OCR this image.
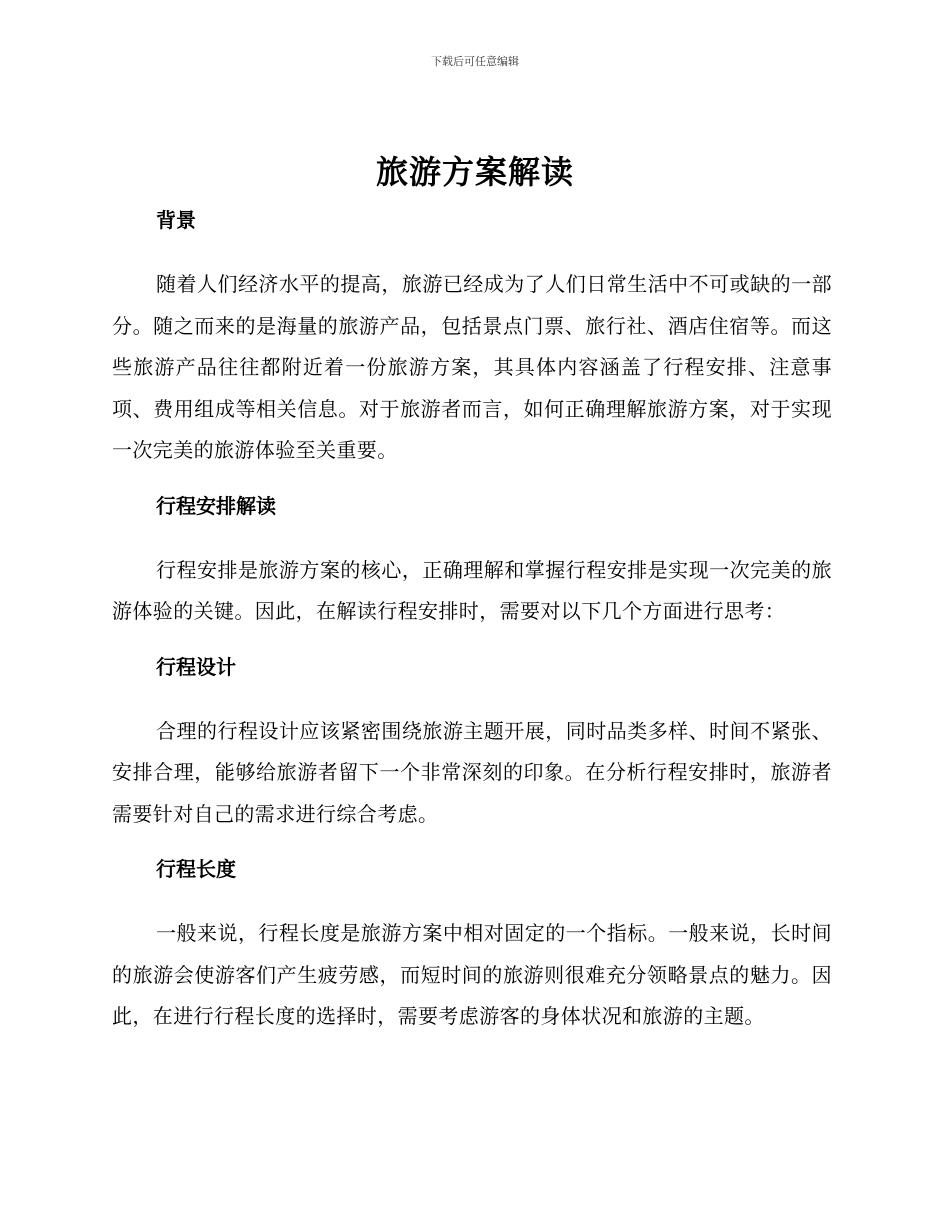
下载后可任意编辑
旅游方案解读
背景

随着人们经济水平的提高，旅游已经成为了人们日常生活中不可或缺的一部分。随之而来的是海量的旅游产品，包括景点门票、旅行社、酒店住宿等。而这些旅游产品往往都附近着一份旅游方案，其具体内容涵盖了行程安排、注意事项、费用组成等相关信息。对于旅游者而言，如何正确理解旅游方案，对于实现一次完美的旅游体验至关重要。

行程安排解读

行程安排是旅游方案的核心，正确理解和掌握行程安排是实现一次完美的旅游体验的关键。因此，在解读行程安排时，需要对以下几个方面进行思考：

行程设计

合理的行程设计应该紧密围绕旅游主题开展，同时品类多样、时间不紧张、安排合理，能够给旅游者留下一个非常深刻的印象。在分析行程安排时，旅游者需要针对自己的需求进行综合考虑。

行程长度

一般来说，行程长度是旅游方案中相对固定的一个指标。一般来说，长时间的旅游会使游客们产生疲劳感，而短时间的旅游则很难充分领略景点的魅力。因此，在进行行程长度的选择时，需要考虑游客的身体状况和旅游的主题。
